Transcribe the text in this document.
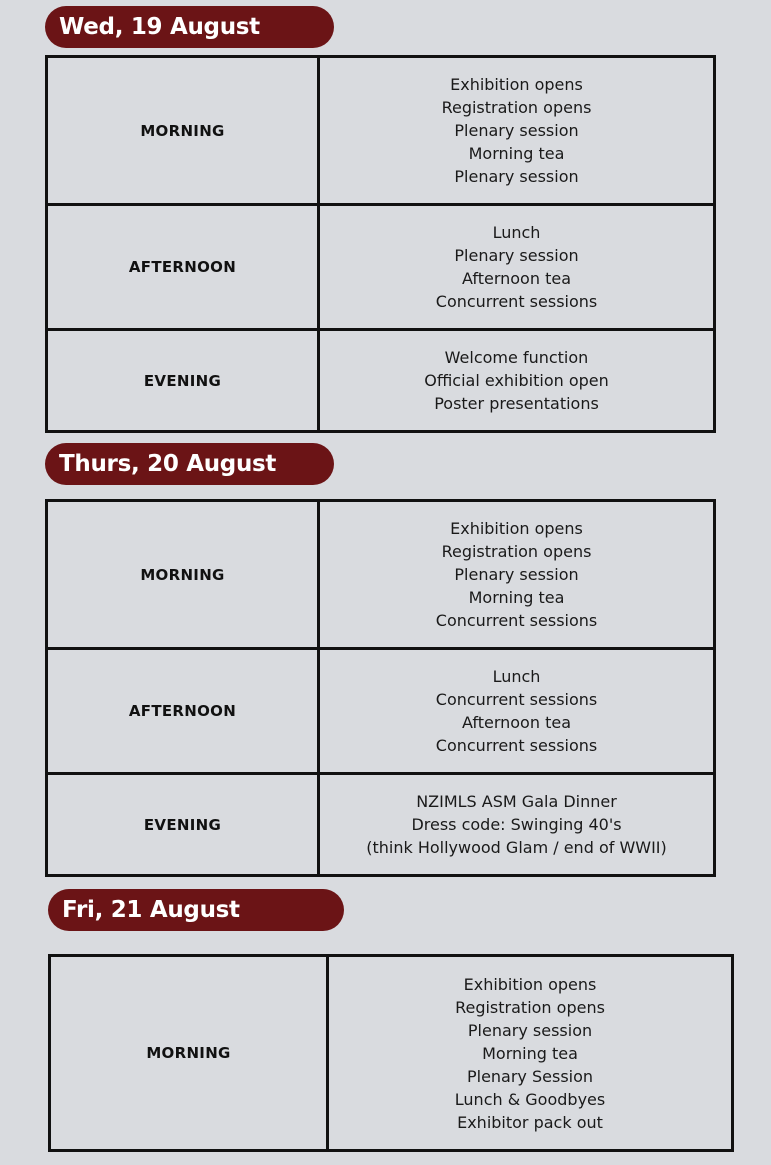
Wed, 19 August
MORNING	Exhibition opens
Registration opens
Plenary session
Morning tea
Plenary session

AFTERNOON	Lunch
Plenary session
Afternoon tea
Concurrent sessions

EVENING	Welcome function
Official exhibition open
Poster presentations
Thurs, 20 August
MORNING	Exhibition opens
Registration opens
Plenary session
Morning tea
Concurrent sessions

AFTERNOON	Lunch
Concurrent sessions
Afternoon tea
Concurrent sessions

EVENING	NZIMLS ASM Gala Dinner
Dress code: Swinging 40's
(think Hollywood Glam / end of WWII)
Fri, 21 August
MORNING	
Exhibition opens
Registration opens
Plenary session
Morning tea
Plenary Session
Lunch & Goodbyes
Exhibitor pack out
